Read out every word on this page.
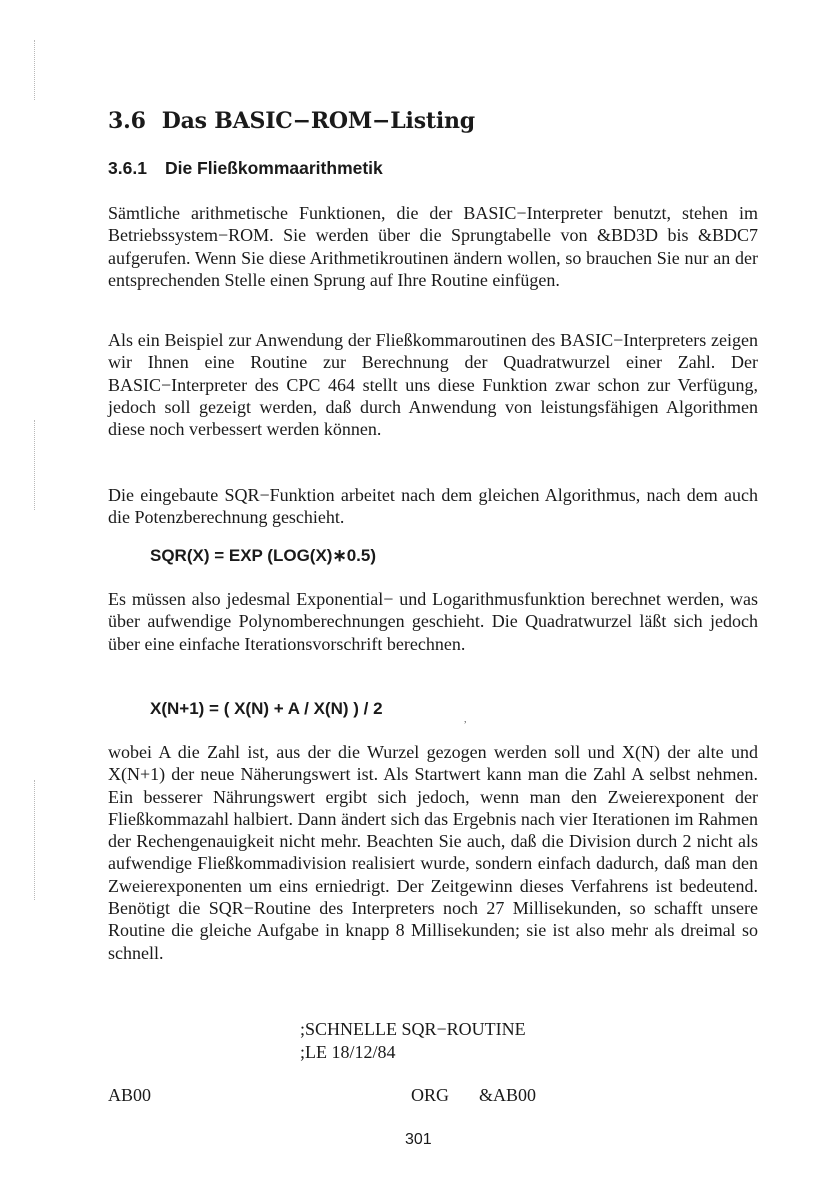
3.6 Das BASIC−ROM−Listing
3.6.1 Die Fließkommaarithmetik

Sämtliche arithmetische Funktionen, die der BASIC−Interpreter benutzt, stehen im Betriebssystem−ROM. Sie werden über die Sprungtabelle von &BD3D bis &BDC7 aufgerufen. Wenn Sie diese Arithmetikroutinen ändern wollen, so brauchen Sie nur an der entsprechenden Stelle einen Sprung auf Ihre Routine einfügen.

Als ein Beispiel zur Anwendung der Fließkommaroutinen des BASIC−Interpreters zeigen wir Ihnen eine Routine zur Berechnung der Quadratwurzel einer Zahl. Der BASIC−Interpreter des CPC 464 stellt uns diese Funktion zwar schon zur Verfügung, jedoch soll gezeigt werden, daß durch Anwendung von leistungsfähigen Algorithmen diese noch verbessert werden können.

Die eingebaute SQR−Funktion arbeitet nach dem gleichen Algorithmus, nach dem auch die Potenzberechnung geschieht.

SQR(X) = EXP (LOG(X)∗0.5)

Es müssen also jedesmal Exponential− und Logarithmusfunktion berechnet werden, was über aufwendige Polynomberechnungen geschieht. Die Quadratwurzel läßt sich jedoch über eine einfache Iterationsvorschrift berechnen.

X(N+1) = ( X(N) + A / X(N) ) / 2
,

wobei A die Zahl ist, aus der die Wurzel gezogen werden soll und X(N) der alte und X(N+1) der neue Näherungswert ist. Als Startwert kann man die Zahl A selbst nehmen. Ein besserer Nährungswert ergibt sich jedoch, wenn man den Zweierexponent der Fließkommazahl halbiert. Dann ändert sich das Ergebnis nach vier Iterationen im Rahmen der Rechengenauigkeit nicht mehr. Beachten Sie auch, daß die Division durch 2 nicht als aufwendige Fließkommadivision realisiert wurde, sondern einfach dadurch, daß man den Zweierexponenten um eins erniedrigt. Der Zeitgewinn dieses Verfahrens ist bedeutend. Benötigt die SQR−Routine des Interpreters noch 27 Millisekunden, so schafft unsere Routine die gleiche Aufgabe in knapp 8 Millisekunden; sie ist also mehr als dreimal so schnell.

;SCHNELLE SQR−ROUTINE
;LE 18/12/84
AB00	ORG &AB00
301
